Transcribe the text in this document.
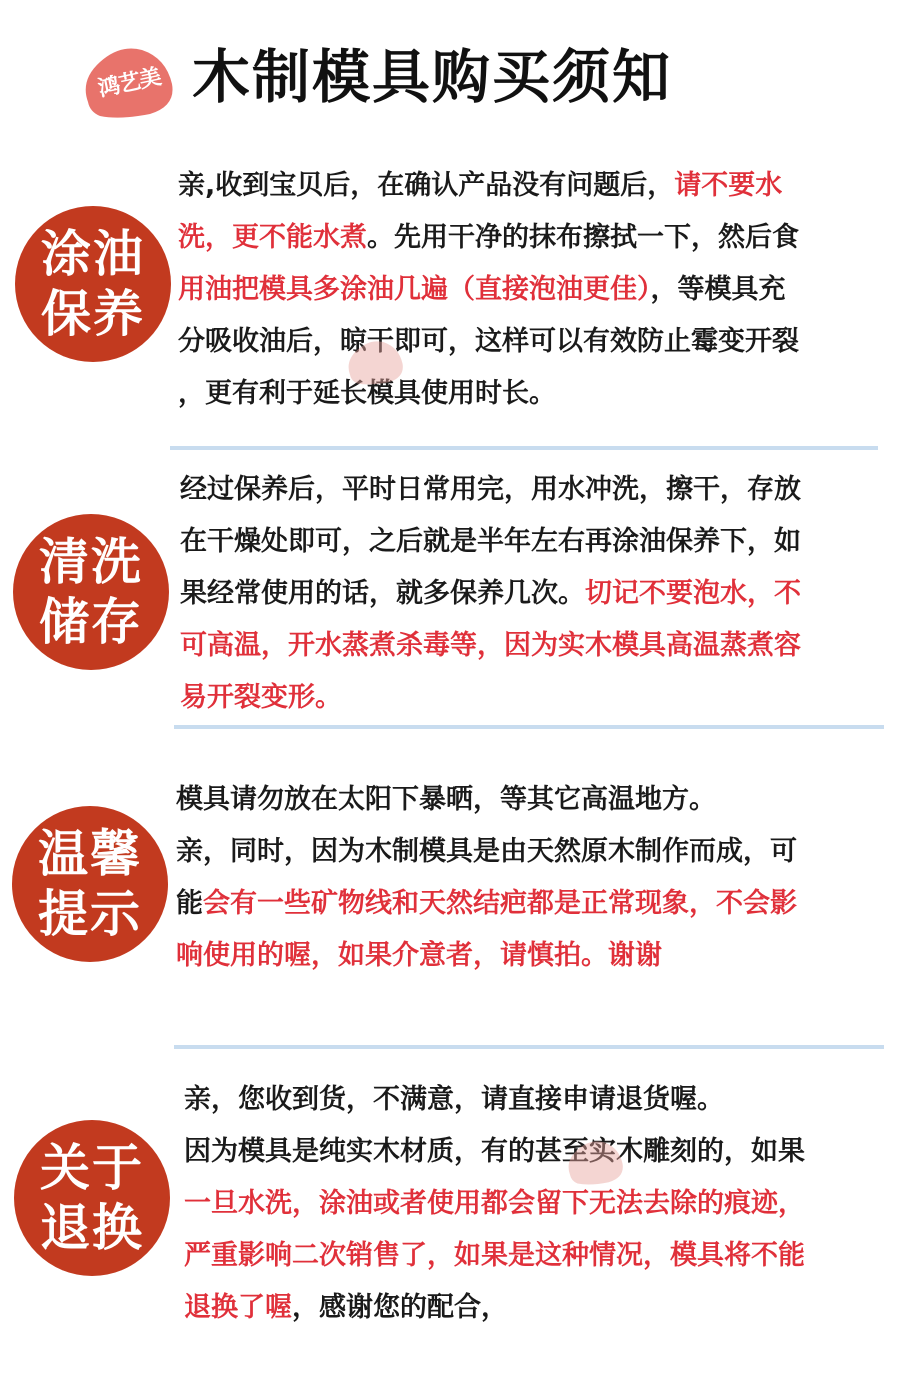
鸿艺美 木制模具购买须知
涂油
保养
亲,收到宝贝后，在确认产品没有问题后，请不要水
洗，更不能水煮。先用干净的抹布擦拭一下，然后食
用油把模具多涂油几遍（直接泡油更佳），等模具充
分吸收油后，晾干即可，这样可以有效防止霉变开裂
，更有利于延长模具使用时长。
清洗
储存
经过保养后，平时日常用完，用水冲洗，擦干，存放
在干燥处即可，之后就是半年左右再涂油保养下，如
果经常使用的话，就多保养几次。切记不要泡水，不
可高温，开水蒸煮杀毒等，因为实木模具高温蒸煮容
易开裂变形。
温馨
提示
模具请勿放在太阳下暴晒，等其它高温地方。
亲，同时，因为木制模具是由天然原木制作而成，可
能会有一些矿物线和天然结疤都是正常现象，不会影
响使用的喔，如果介意者，请慎拍。谢谢
关于
退换
亲，您收到货，不满意，请直接申请退货喔。
因为模具是纯实木材质，有的甚至实木雕刻的，如果
一旦水洗，涂油或者使用都会留下无法去除的痕迹，
严重影响二次销售了，如果是这种情况，模具将不能
退换了喔，感谢您的配合，
